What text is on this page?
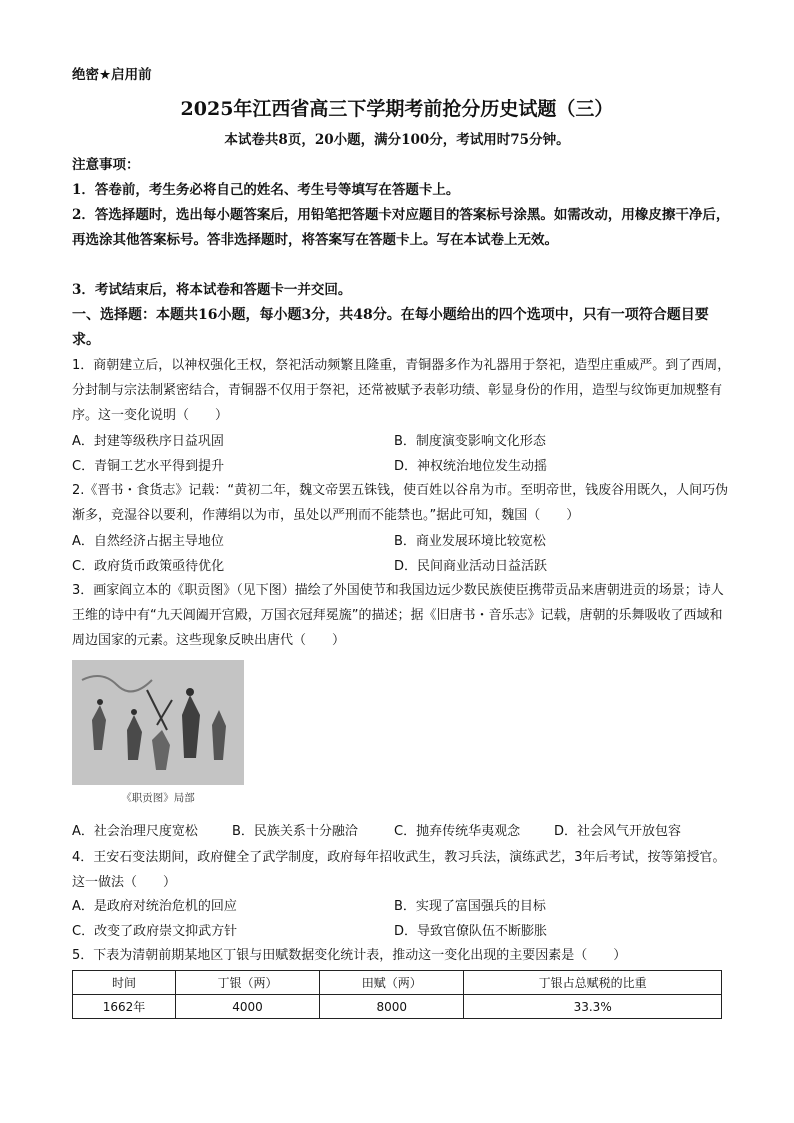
绝密★启用前
2025年江西省高三下学期考前抢分历史试题（三）
本试卷共8页，20小题，满分100分，考试用时75分钟。
注意事项：
1．答卷前，考生务必将自己的姓名、考生号等填写在答题卡上。
2．答选择题时，选出每小题答案后，用铅笔把答题卡对应题目的答案标号涂黑。如需改动，用橡皮擦干净后，再选涂其他答案标号。答非选择题时，将答案写在答题卡上。写在本试卷上无效。
3．考试结束后，将本试卷和答题卡一并交回。
一、选择题：本题共16小题，每小题3分，共48分。在每小题给出的四个选项中，只有一项符合题目要求。
1．商朝建立后，以神权强化王权，祭祀活动频繁且隆重，青铜器多作为礼器用于祭祀，造型庄重威严。到了西周，分封制与宗法制紧密结合，青铜器不仅用于祭祀，还常被赋予表彰功绩、彰显身份的作用，造型与纹饰更加规整有序。这一变化说明（　　）
A．封建等级秩序日益巩固	B．制度演变影响文化形态
C．青铜工艺水平得到提升	D．神权统治地位发生动摇
2.《晋书・食货志》记载：“黄初二年，魏文帝罢五铢钱，使百姓以谷帛为市。至明帝世，钱废谷用既久，人间巧伪渐多，竞湿谷以要利，作薄绢以为市，虽处以严刑而不能禁也。”据此可知，魏国（　　）
A．自然经济占据主导地位	B．商业发展环境比较宽松
C．政府货币政策亟待优化	D．民间商业活动日益活跃
3．画家阎立本的《职贡图》（见下图）描绘了外国使节和我国边远少数民族使臣携带贡品来唐朝进贡的场景；诗人王维的诗中有“九天阊阖开宫殿，万国衣冠拜冕旒”的描述；据《旧唐书・音乐志》记载，唐朝的乐舞吸收了西域和周边国家的元素。这些现象反映出唐代（　　）
《职贡图》局部
A．社会治理尺度宽松	B．民族关系十分融洽	C．抛弃传统华夷观念	D．社会风气开放包容
4．王安石变法期间，政府健全了武学制度，政府每年招收武生，教习兵法，演练武艺，3年后考试，按等第授官。这一做法（　　）
A．是政府对统治危机的回应	B．实现了富国强兵的目标
C．改变了政府崇文抑武方针	D．导致官僚队伍不断膨胀
5．下表为清朝前期某地区丁银与田赋数据变化统计表，推动这一变化出现的主要因素是（　　）
时间	丁银（两）	田赋（两）	丁银占总赋税的比重
1662年	4000	8000	33.3%
